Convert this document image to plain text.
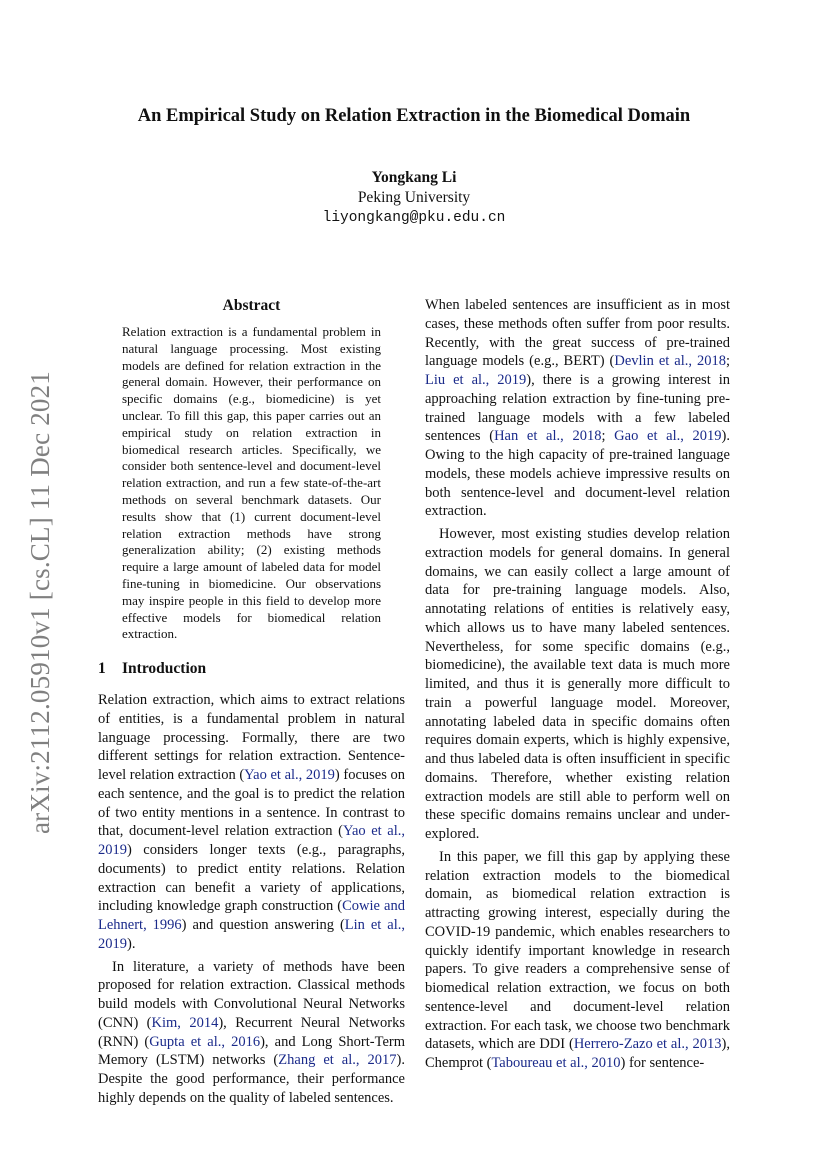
arXiv:2112.05910v1 [cs.CL] 11 Dec 2021
An Empirical Study on Relation Extraction in the Biomedical Domain
Yongkang Li
Peking University
liyongkang@pku.edu.cn
Abstract

Relation extraction is a fundamental problem in natural language processing. Most existing models are defined for relation extraction in the general domain. However, their performance on specific domains (e.g., biomedicine) is yet unclear. To fill this gap, this paper carries out an empirical study on relation extraction in biomedical research articles. Specifically, we consider both sentence-level and document-level relation extraction, and run a few state-of-the-art methods on several benchmark datasets. Our results show that (1) current document-level relation extraction methods have strong generalization ability; (2) existing methods require a large amount of labeled data for model fine-tuning in biomedicine. Our observations may inspire people in this field to develop more effective models for biomedical relation extraction.

1 Introduction

Relation extraction, which aims to extract relations of entities, is a fundamental problem in natural language processing. Formally, there are two different settings for relation extraction. Sentence-level relation extraction (Yao et al., 2019) focuses on each sentence, and the goal is to predict the relation of two entity mentions in a sentence. In contrast to that, document-level relation extraction (Yao et al., 2019) considers longer texts (e.g., paragraphs, documents) to predict entity relations. Relation extraction can benefit a variety of applications, including knowledge graph construction (Cowie and Lehnert, 1996) and question answering (Lin et al., 2019).

In literature, a variety of methods have been proposed for relation extraction. Classical methods build models with Convolutional Neural Networks (CNN) (Kim, 2014), Recurrent Neural Networks (RNN) (Gupta et al., 2016), and Long Short-Term Memory (LSTM) networks (Zhang et al., 2017). Despite the good performance, their performance highly depends on the quality of labeled sentences.

When labeled sentences are insufficient as in most cases, these methods often suffer from poor results. Recently, with the great success of pre-trained language models (e.g., BERT) (Devlin et al., 2018; Liu et al., 2019), there is a growing interest in approaching relation extraction by fine-tuning pre-trained language models with a few labeled sentences (Han et al., 2018; Gao et al., 2019). Owing to the high capacity of pre-trained language models, these models achieve impressive results on both sentence-level and document-level relation extraction.

However, most existing studies develop relation extraction models for general domains. In general domains, we can easily collect a large amount of data for pre-training language models. Also, annotating relations of entities is relatively easy, which allows us to have many labeled sentences. Nevertheless, for some specific domains (e.g., biomedicine), the available text data is much more limited, and thus it is generally more difficult to train a powerful language model. Moreover, annotating labeled data in specific domains often requires domain experts, which is highly expensive, and thus labeled data is often insufficient in specific domains. Therefore, whether existing relation extraction models are still able to perform well on these specific domains remains unclear and under-explored.

In this paper, we fill this gap by applying these relation extraction models to the biomedical domain, as biomedical relation extraction is attracting growing interest, especially during the COVID-19 pandemic, which enables researchers to quickly identify important knowledge in research papers. To give readers a comprehensive sense of biomedical relation extraction, we focus on both sentence-level and document-level relation extraction. For each task, we choose two benchmark datasets, which are DDI (Herrero-Zazo et al., 2013), Chemprot (Taboureau et al., 2010) for sentence-
